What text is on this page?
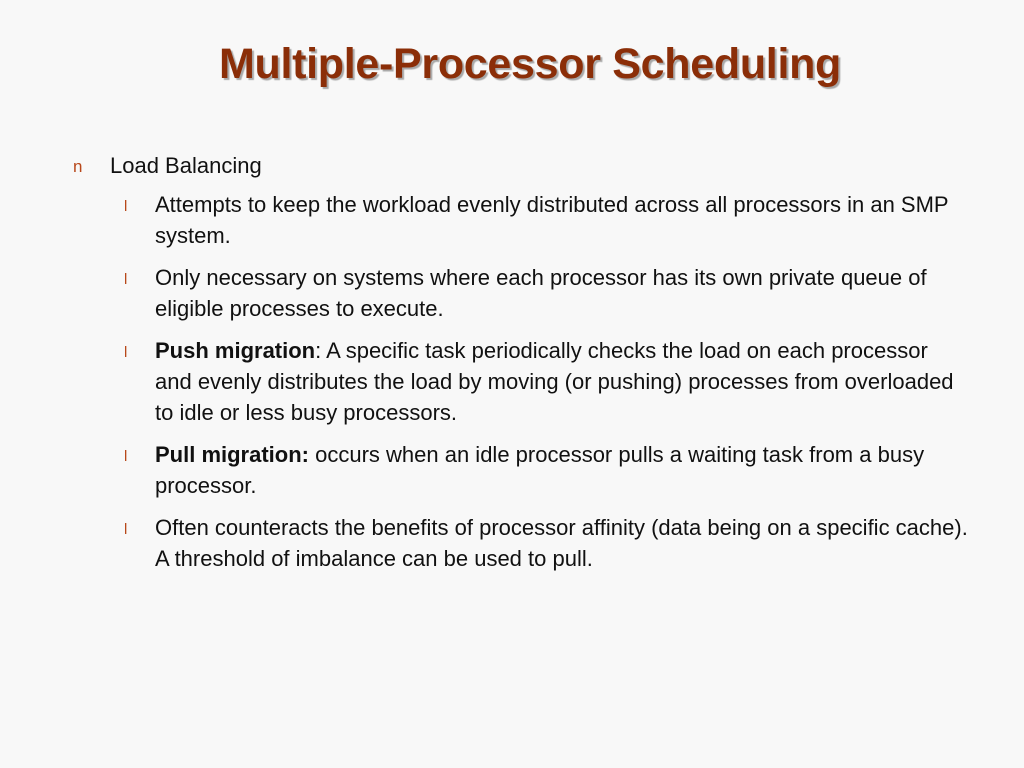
Multiple-Processor Scheduling
n Load Balancing
l Attempts to keep the workload evenly distributed across all processors in an SMP system.
l Only necessary on systems where each processor has its own private queue of eligible processes to execute.
l Push migration: A specific task periodically checks the load on each processor and evenly distributes the load by moving (or pushing) processes from overloaded to idle or less busy processors.
l Pull migration: occurs when an idle processor pulls a waiting task from a busy processor.
l Often counteracts the benefits of processor affinity (data being on a specific cache). A threshold of imbalance can be used to pull.
